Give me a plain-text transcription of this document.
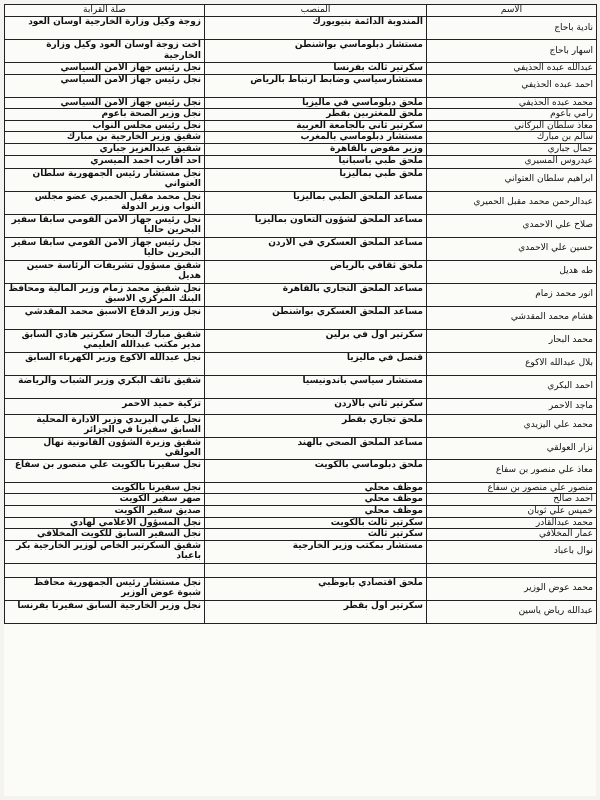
الاسم	المنصب	صلة القرابة
نادية باحاج	المندوبة الدائمة بنيويورك	زوجة وكيل وزارة الخارجية اوسان العود
اسهار باحاج	مستشار دبلوماسي بواشنطن	اخت زوجة اوسان العود وكيل وزارة الخارجية
عبدالله عبده الحذيفي	سكرتير ثالث بفرنسا	نجل رئيس جهاز الامن السياسي
احمد عبده الحذيفي	مستشارسياسي وضابط ارتباط بالرياض	نجل رئيس جهاز الامن السياسي
محمد عبده الحذيفي	ملحق دبلوماسي في ماليزيا	نجل رئيس جهاز الامن السياسي
رامي باعوم	ملحق للمغتربين بقطر	نجل وزير الصحة باعوم
معاذ سلطان البركاني	سكرتير ثاني بالجامعة العربية	نجل رئيس مجلس النواب
سالم بن مبارك	مستشار دبلوماسي بالمغرب	شقيق وزير الخارجية بن مبارك
جمال جباري	وزير مفوض بالقاهرة	شقيق عبدالعزيز جباري
عيدروس المسيري	ملحق طبي باسبانيا	احد اقارب احمد الميسري
ابراهيم سلطان العتواني	ملحق طبي بماليزيا	نجل مستشار رئيس الجمهورية سلطان العتواني
عبدالرحمن محمد مقبل الحميري	مساعد الملحق الطبي بماليزيا	نجل محمد مقبل الحميري عضو مجلس النواب وزير الدولة
صلاح علي الاحمدي	مساعد الملحق لشؤون التعاون بماليزيا	نجل رئيس جهاز الامن القومي سابقا سفير البحرين حاليا
حسين علي الاحمدي	مساعد الملحق العسكري في الاردن	نجل رئيس جهاز الامن القومي سابقا سفير البحرين حاليا
طه هديل	ملحق ثقافي بالرياض	شقيق مسؤول تشريفات الرئاسة حسين هديل
انور محمد زمام	مساعد الملحق التجاري بالقاهرة	نجل شقيق محمد زمام وزير المالية ومحافظ البنك المركزي الاسبق
هشام محمد المقدشي	مساعد الملحق العسكري بواشنطن	نجل وزير الدفاع الاسبق محمد المقدشي
محمد البحار	سكرتير اول في برلين	شقيق مبارك البحار سكرتير هادي السابق مدير مكتب عبدالله العليمي
بلال عبدالله الاكوع	قنصل في ماليزيا	نجل عبدالله الاكوع وزير الكهرباء السابق
احمد البكري	مستشار سياسي باندونيسيا	شقيق نائف البكري وزير الشباب والرياضة
ماجد الاحمر	سكرتير ثاني بالاردن	تزكية حميد الاحمر
محمد علي اليزيدي	ملحق تجاري بقطر	نجل علي اليزيدي وزير الادارة المحلية السابق سفيرنا في الجزائر
نزار العولقي	مساعد الملحق الصحي بالهند	شقيق وزيرة الشؤون القانونية نهال العولقي
معاذ علي منصور بن سفاع	ملحق دبلوماسي بالكويت	نجل سفيرنا بالكويت علي منصور بن سفاع
منصور علي منصور بن سفاع	موظف محلي	نجل سفيرنا بالكويت
احمد صالح	موظف محلي	صهر سفير الكويت
خميس علي ثوبان	موظف محلي	صديق سفير الكويت
محمد عبدالقادر	سكرتير ثالث بالكويت	نجل المسؤول الاعلامي لهادي
عمار المخلافي	سكرتير ثالث	نجل السفير السابق للكويت المخلافي
نوال باعباد	مستشار بمكتب وزير الخارجية	شقيق السكرتير الخاص لوزير الخارجية بكر باعباد

محمد عوض الوزير	ملحق اقتصادي بابوظبي	نجل مستشار رئيس الجمهورية محافظ شبوة عوض الوزير
عبدالله رياض ياسين	سكرتير اول بقطر	نجل وزير الخارجية السابق سفيرنا بفرنسا
